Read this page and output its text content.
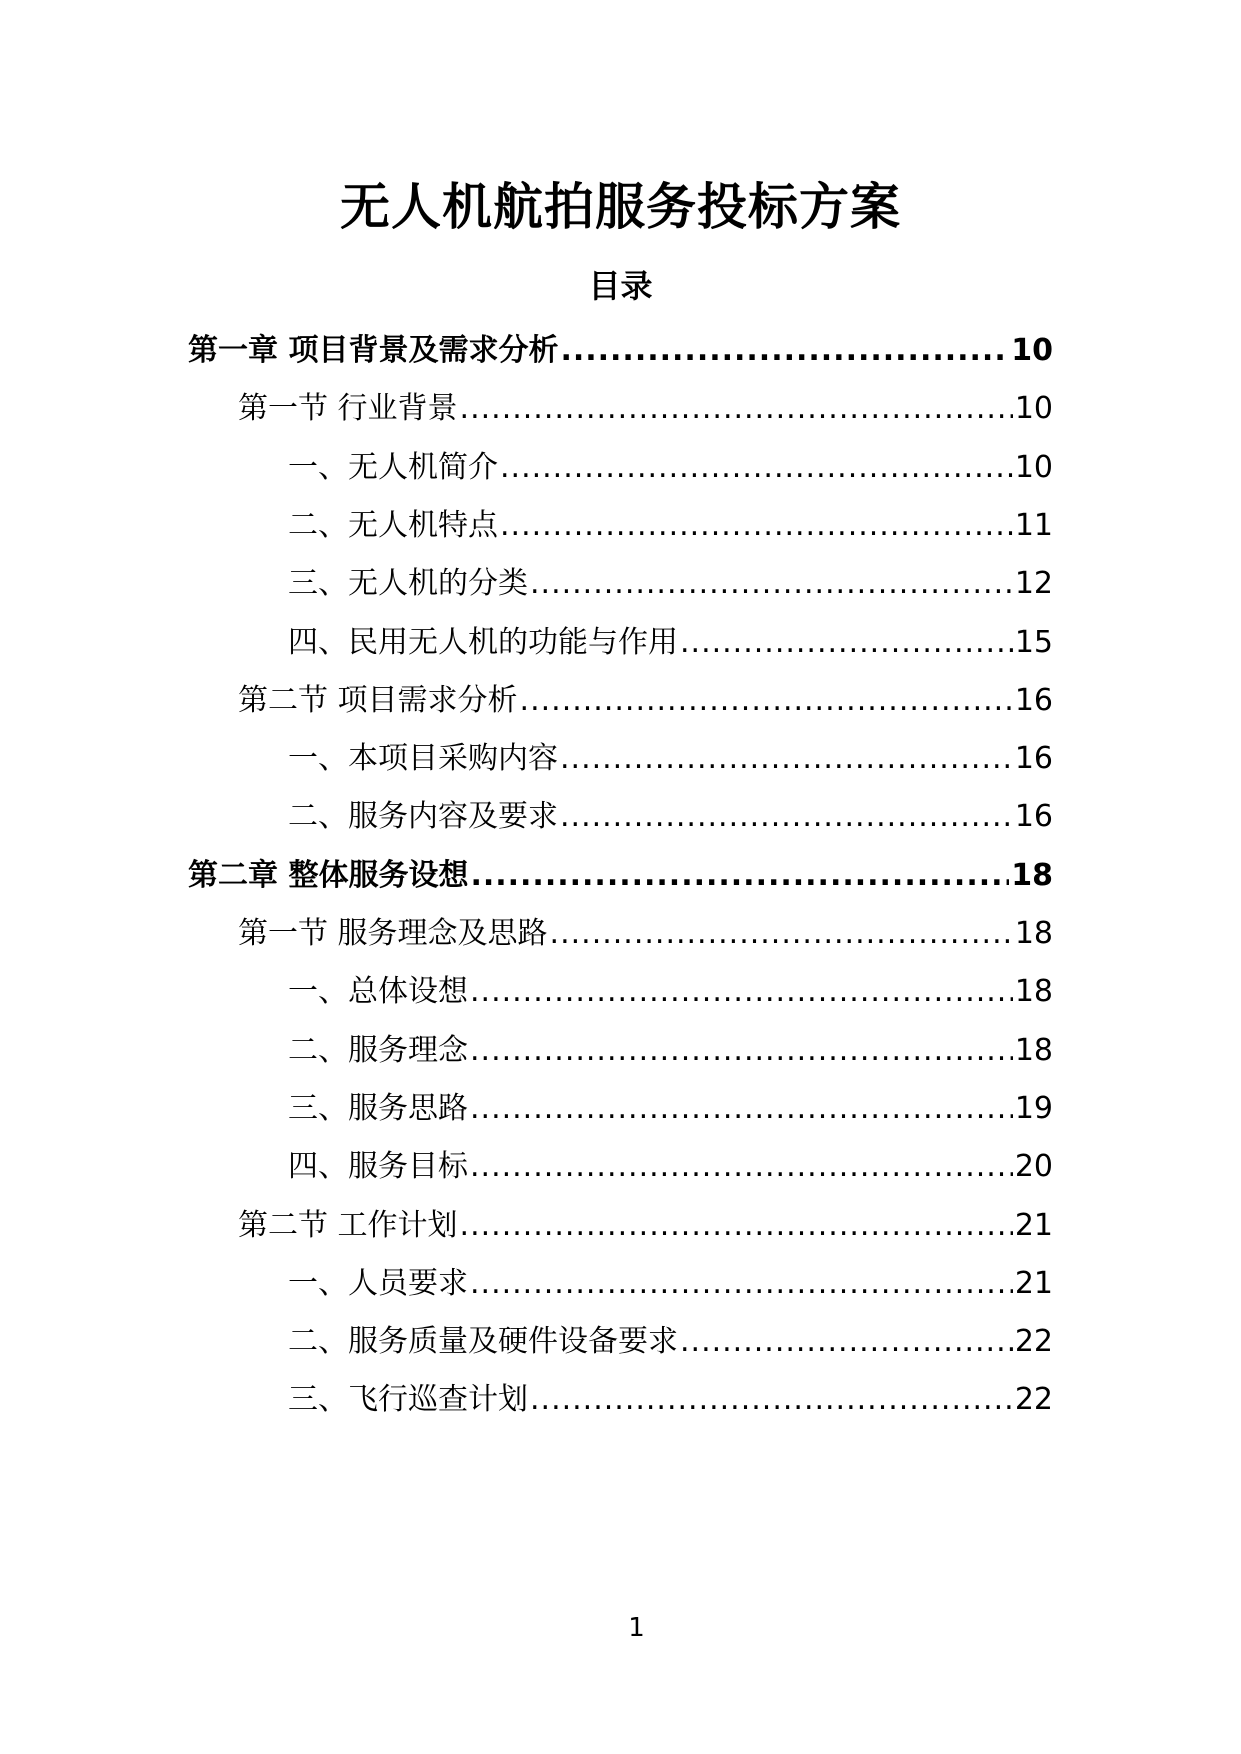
无人机航拍服务投标方案
目录
第一章 项目背景及需求分析 .....	10
第一节 行业背景 .....	10
一、无人机简介 .....	10
二、无人机特点 .....	11
三、无人机的分类 .....	12
四、民用无人机的功能与作用 .....	15
第二节 项目需求分析 .....	16
一、本项目采购内容 .....	16
二、服务内容及要求 .....	16
第二章 整体服务设想 .....	18
第一节 服务理念及思路 .....	18
一、总体设想 .....	18
二、服务理念 .....	18
三、服务思路 .....	19
四、服务目标 .....	20
第二节 工作计划 .....	21
一、人员要求 .....	21
二、服务质量及硬件设备要求 .....	22
三、飞行巡查计划 .....	22
1
